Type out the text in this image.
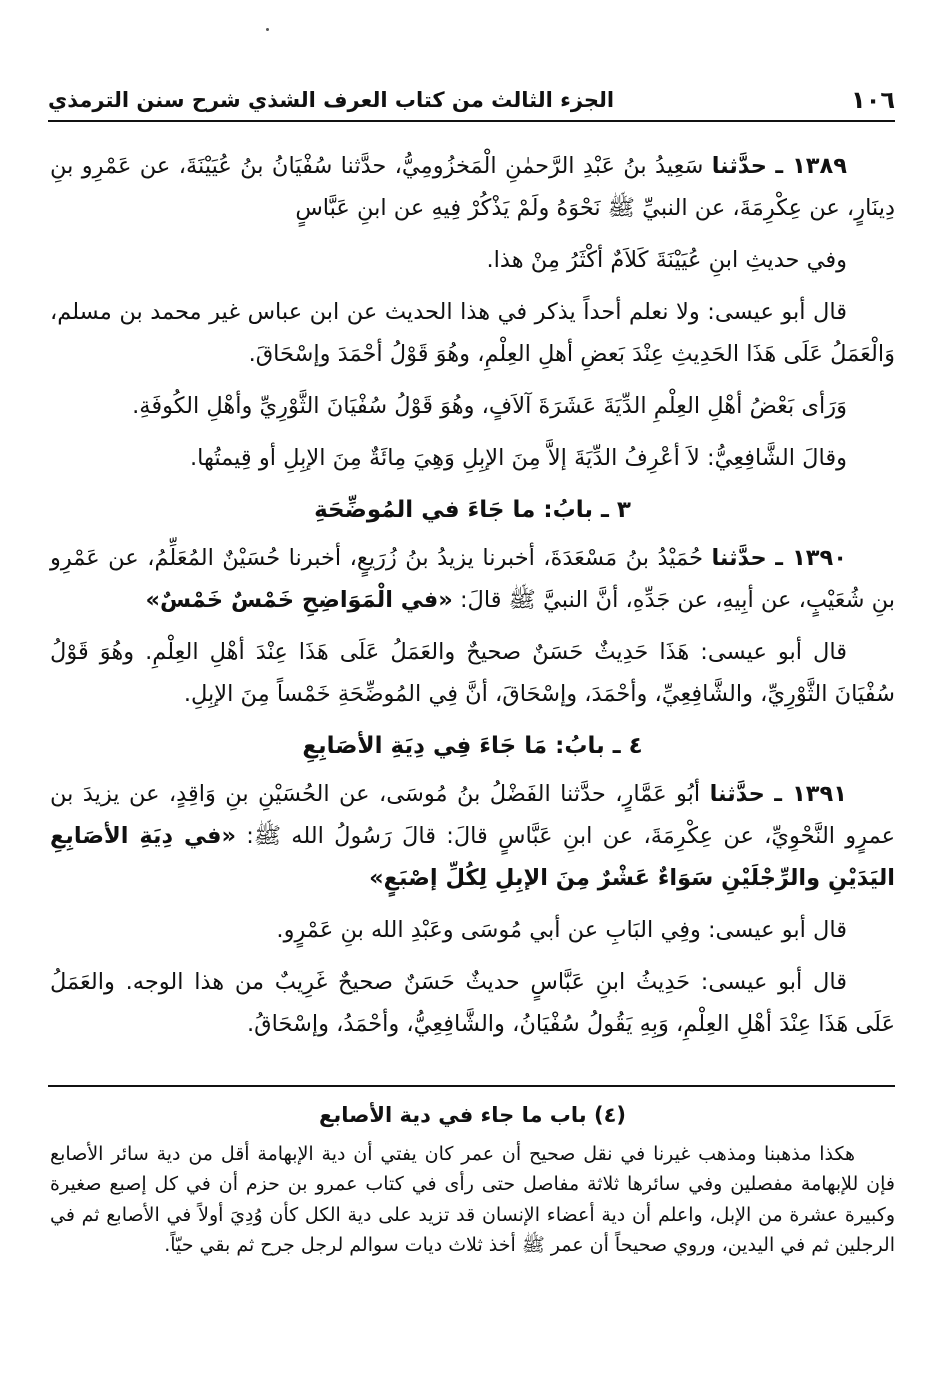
١٠٦
الجزء الثالث من كتاب العرف الشذي شرح سنن الترمذي

١٣٨٩ ـ حدَّثنا سَعِيدُ بنُ عَبْدِ الرَّحمٰنِ الْمَخزُومِيُّ، حدَّثنا سُفْيَانُ بنُ عُيَيْنَةَ، عن عَمْرِو بنِ دِينَارٍ، عن عِكْرِمَةَ، عن النبيِّ ﷺ نَحْوَهُ ولَمْ يَذْكُرْ فِيهِ عن ابنِ عَبَّاسٍ

وفي حديثِ ابنِ عُيَيْنَةَ كَلاَمٌ أكْثَرُ مِنْ هذا.

قال أبو عيسى: ولا نعلم أحداً يذكر في هذا الحديث عن ابن عباس غير محمد بن مسلم، وَالْعَمَلُ عَلَى هَذَا الحَدِيثِ عِنْدَ بَعضِ أهلِ العِلْمِ، وهُوَ قَوْلُ أحْمَدَ وإسْحَاقَ.

وَرَأى بَعْضُ أهْلِ العِلْمِ الدِّيَةَ عَشَرَةَ آلاَفٍ، وهُوَ قَوْلُ سُفْيَانَ الثَّوْرِيِّ وأهْلِ الكُوفَةِ.

وقالَ الشَّافِعِيُّ: لاَ أعْرِفُ الدِّيَةَ إلاَّ مِنَ الإبِلِ وَهِيَ مِائَةٌ مِنَ الإبِلِ أو قِيمتُها.

٣ ـ بابُ: ما جَاءَ في المُوضِّحَةِ

١٣٩٠ ـ حدَّثنا حُمَيْدُ بنُ مَسْعَدَةَ، أخبرنا يزيدُ بنُ زُرَيعٍ، أخبرنا حُسَيْنٌ المُعَلِّمُ، عن عَمْرِو بنِ شُعَيْبٍ، عن أبِيهِ، عن جَدِّهِ، أنَّ النبيَّ ﷺ قالَ: «في الْمَوَاضِحِ خَمْسٌ خَمْسٌ»

قال أبو عيسى: هَذَا حَدِيثٌ حَسَنٌ صحيحٌ والعَمَلُ عَلَى هَذَا عِنْدَ أهْلِ العِلْمِ. وهُوَ قَوْلُ سُفْيَانَ الثَّوْرِيِّ، والشَّافِعِيِّ، وأحْمَدَ، وإسْحَاقَ، أنَّ فِي المُوضِّحَةِ خَمْساً مِنَ الإبِلِ.

٤ ـ بابُ: مَا جَاءَ فِي دِيَةِ الأصَابِعِ

١٣٩١ ـ حدَّثنا أبُو عَمَّارٍ، حدَّثنا الفَضْلُ بنُ مُوسَى، عن الحُسَيْنِ بنِ وَاقِدٍ، عن يزيدَ بن عمرٍو النَّحْوِيِّ، عن عِكْرِمَةَ، عن ابنِ عَبَّاسٍ قالَ: قالَ رَسُولُ الله ﷺ: «في دِيَةِ الأصَابِعِ اليَدَيْنِ والرِّجْلَيْنِ سَوَاءٌ عَشْرٌ مِنَ الإبِلِ لِكُلِّ إصْبَعٍ»

قال أبو عيسى: وفِي البَابِ عن أبي مُوسَى وعَبْدِ الله بنِ عَمْرٍو.

قال أبو عيسى: حَدِيثُ ابنِ عَبَّاسٍ حديثٌ حَسَنٌ صحيحٌ غَرِيبٌ من هذا الوجه. والعَمَلُ عَلَى هَذَا عِنْدَ أهْلِ العِلْمِ، وَبِهِ يَقُولُ سُفْيَانُ، والشَّافِعِيُّ، وأحْمَدُ، وإسْحَاقُ.

(٤) باب ما جاء في دية الأصابع

هكذا مذهبنا ومذهب غيرنا في نقل صحيح أن عمر كان يفتي أن دية الإبهامة أقل من دية سائر الأصابع فإن للإبهامة مفصلين وفي سائرها ثلاثة مفاصل حتى رأى في كتاب عمرو بن حزم أن في كل إصبع صغيرة وكبيرة عشرة من الإبل، واعلم أن دية أعضاء الإنسان قد تزيد على دية الكل كأن وُدِيَ أولاً في الأصابع ثم في الرجلين ثم في اليدين، وروي صحيحاً أن عمر ﷺ أخذ ثلاث ديات سوالم لرجل جرح ثم بقي حيّاً.
